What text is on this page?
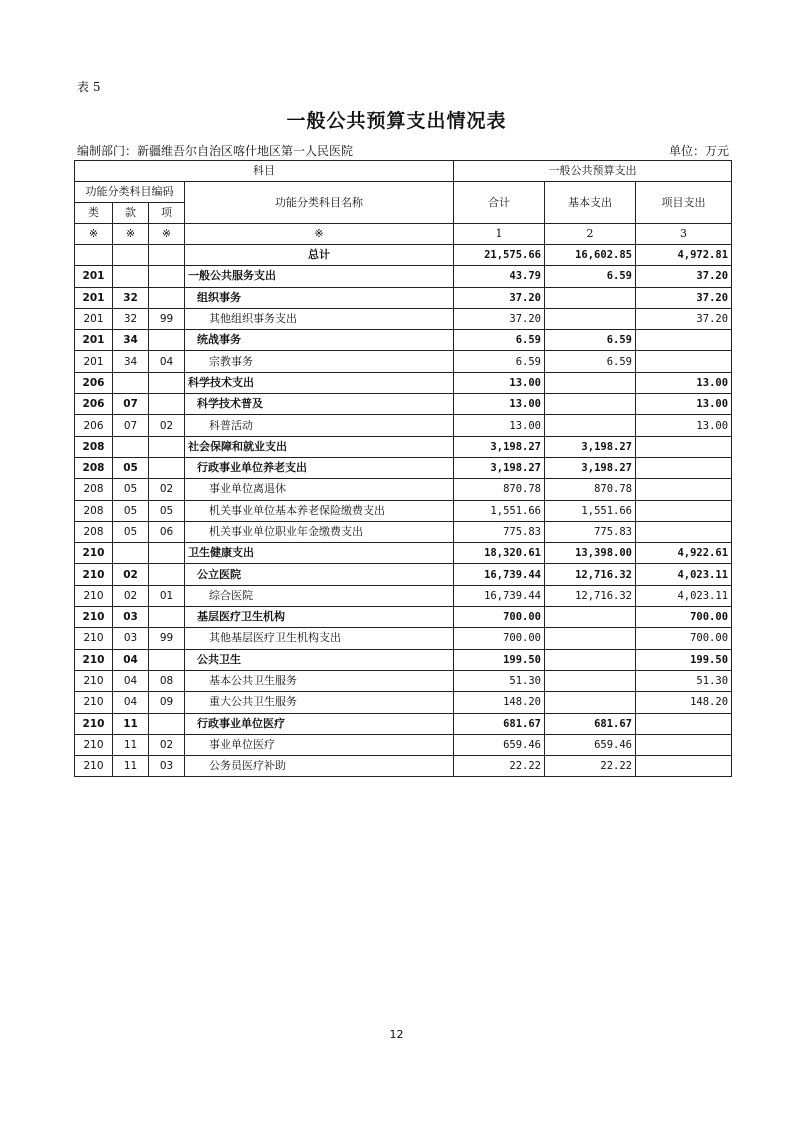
表 5
一般公共预算支出情况表
编制部门：新疆维吾尔自治区喀什地区第一人民医院	单位：万元
科目				一般公共预算支出		
功能分类科目编码			功能分类科目名称	合计	基本支出	项目支出
类	款	项				
※	※	※	※	1	2	3
			总计	21,575.66	16,602.85	4,972.81
201			一般公共服务支出	43.79	6.59	37.20
201	32		组织事务	37.20		37.20
201	32	99	其他组织事务支出	37.20		37.20
201	34		统战事务	6.59	6.59	
201	34	04	宗教事务	6.59	6.59	
206			科学技术支出	13.00		13.00
206	07		科学技术普及	13.00		13.00
206	07	02	科普活动	13.00		13.00
208			社会保障和就业支出	3,198.27	3,198.27	
208	05		行政事业单位养老支出	3,198.27	3,198.27	
208	05	02	事业单位离退休	870.78	870.78	
208	05	05	机关事业单位基本养老保险缴费支出	1,551.66	1,551.66	
208	05	06	机关事业单位职业年金缴费支出	775.83	775.83	
210			卫生健康支出	18,320.61	13,398.00	4,922.61
210	02		公立医院	16,739.44	12,716.32	4,023.11
210	02	01	综合医院	16,739.44	12,716.32	4,023.11
210	03		基层医疗卫生机构	700.00		700.00
210	03	99	其他基层医疗卫生机构支出	700.00		700.00
210	04		公共卫生	199.50		199.50
210	04	08	基本公共卫生服务	51.30		51.30
210	04	09	重大公共卫生服务	148.20		148.20
210	11		行政事业单位医疗	681.67	681.67	
210	11	02	事业单位医疗	659.46	659.46	
210	11	03	公务员医疗补助	22.22	22.22	
12
